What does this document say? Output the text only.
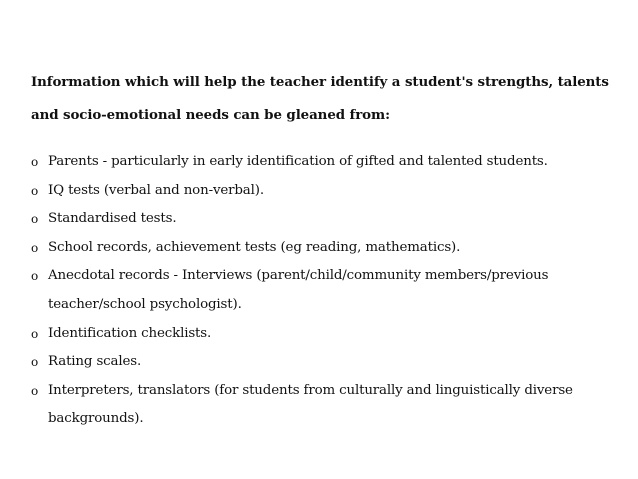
Information which will help the teacher identify a student's strengths, talents
and socio-emotional needs can be gleaned from:

o Parents - particularly in early identification of gifted and talented students.
o IQ tests (verbal and non-verbal).
o Standardised tests.
o School records, achievement tests (eg reading, mathematics).
o Anecdotal records - Interviews (parent/child/community members/previous teacher/school psychologist).
o Identification checklists.
o Rating scales.
o Interpreters, translators (for students from culturally and linguistically diverse backgrounds).
